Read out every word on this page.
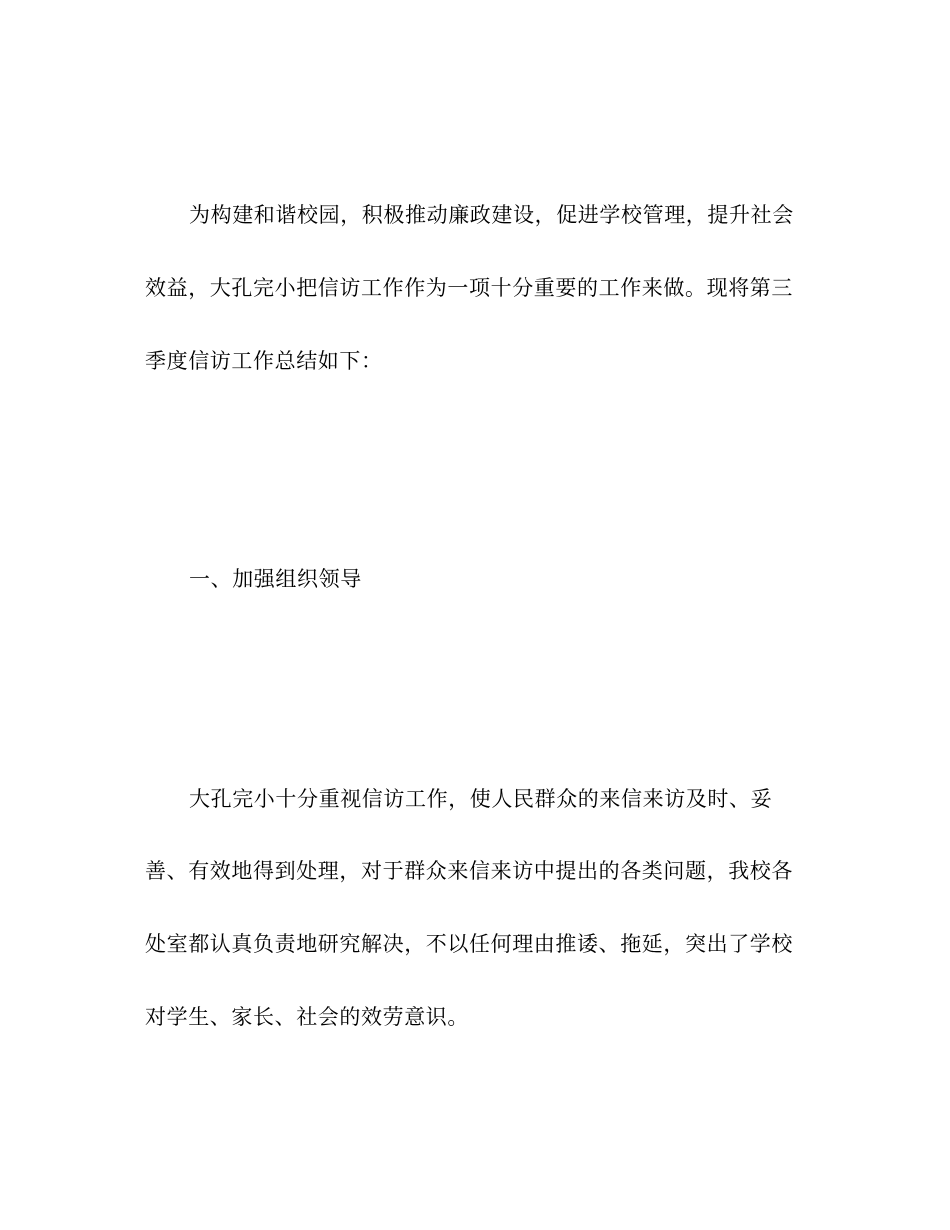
为构建和谐校园，积极推动廉政建设，促进学校管理，提升社会
效益，大孔完小把信访工作作为一项十分重要的工作来做。现将第三
季度信访工作总结如下：
一、加强组织领导
大孔完小十分重视信访工作，使人民群众的来信来访及时、妥
善、有效地得到处理，对于群众来信来访中提出的各类问题，我校各
处室都认真负责地研究解决，不以任何理由推诿、拖延，突出了学校
对学生、家长、社会的效劳意识。
